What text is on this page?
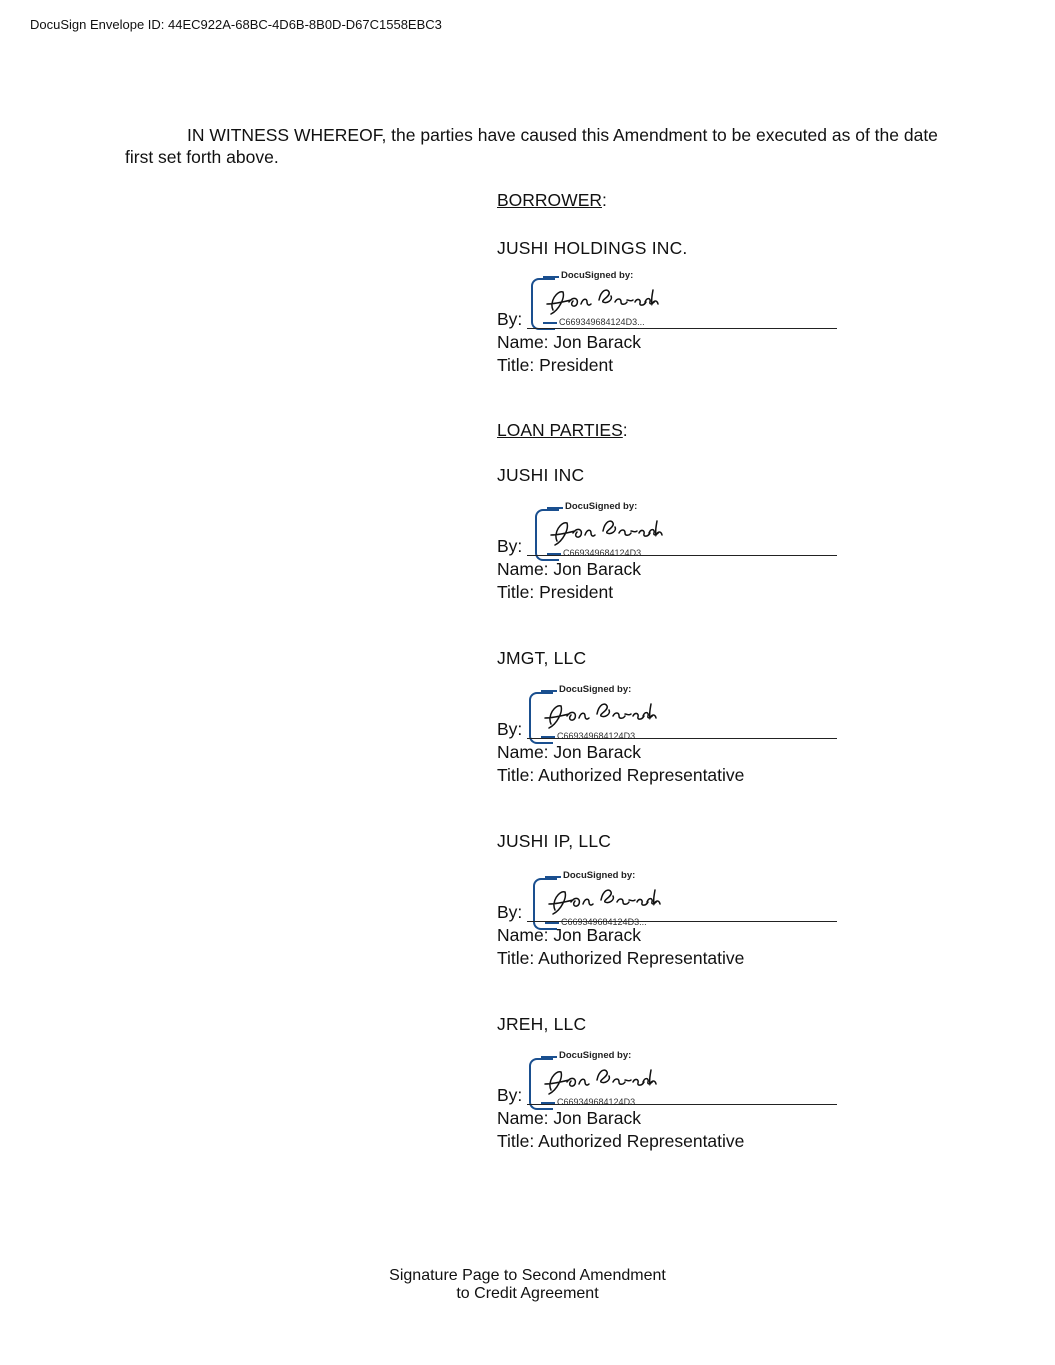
DocuSign Envelope ID: 44EC922A-68BC-4D6B-8B0D-D67C1558EBC3
IN WITNESS WHEREOF, the parties have caused this Amendment to be executed as of the date first set forth above.
BORROWER:
JUSHI HOLDINGS INC.
DocuSigned by:
C669349684124D3...
By:
Name: Jon Barack
Title: President
LOAN PARTIES:
JUSHI INC
DocuSigned by:
C669349684124D3...
By:
Name: Jon Barack
Title: President
JMGT, LLC
DocuSigned by:
C669349684124D3...
By:
Name: Jon Barack
Title: Authorized Representative
JUSHI IP, LLC
DocuSigned by:
C669349684124D3...
By:
Name: Jon Barack
Title: Authorized Representative
JREH, LLC
DocuSigned by:
C669349684124D3...
By:
Name: Jon Barack
Title: Authorized Representative
Signature Page to Second Amendment
to Credit Agreement
